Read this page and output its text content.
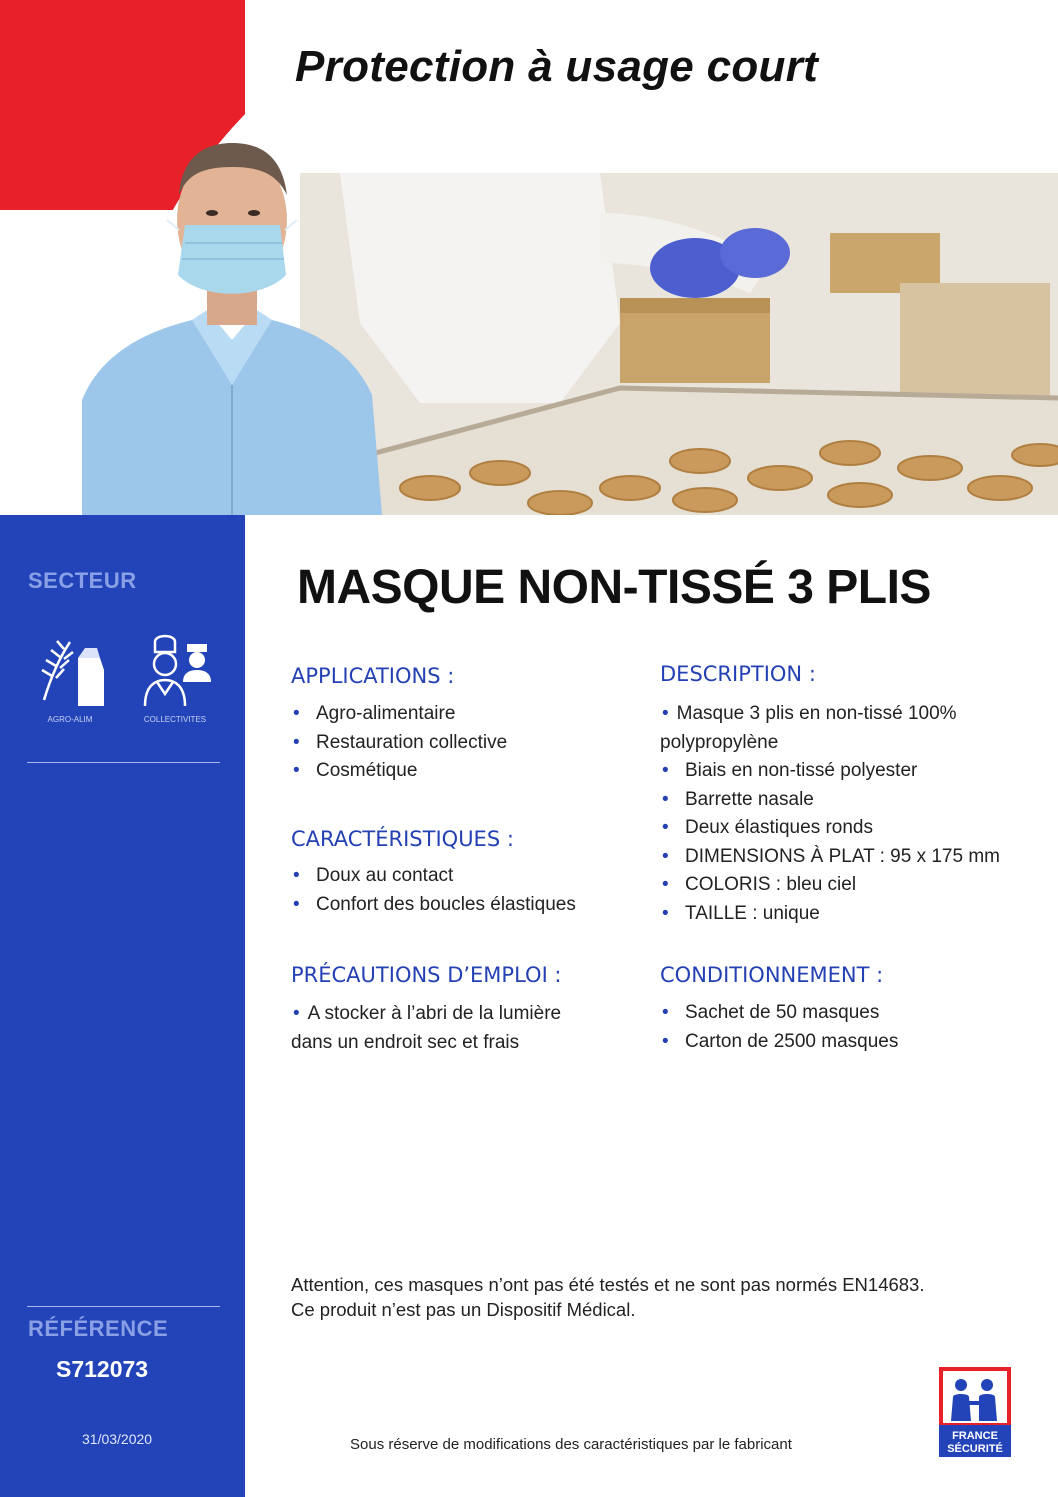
Protection à usage court
SECTEUR
AGRO-ALIM	COLLECTIVITES
RÉFÉRENCE
S712073
31/03/2020
MASQUE NON-TISSÉ 3 PLIS
APPLICATIONS :
• Agro-alimentaire
• Restauration collective
• Cosmétique
CARACTÉRISTIQUES :
• Doux au contact
• Confort des boucles élastiques
PRÉCAUTIONS D’EMPLOI :
• A stocker à l’abri de la lumière
dans un endroit sec et frais
DESCRIPTION :
• Masque 3 plis en non-tissé 100%
polypropylène
• Biais en non-tissé polyester
• Barrette nasale
• Deux élastiques ronds
• DIMENSIONS À PLAT : 95 x 175 mm
• COLORIS : bleu ciel
• TAILLE : unique
CONDITIONNEMENT :
• Sachet de 50 masques
• Carton de 2500 masques
Attention, ces masques n’ont pas été testés et ne sont pas normés EN14683.
Ce produit n’est pas un Dispositif Médical.
Sous réserve de modifications des caractéristiques par le fabricant	FRANCE
SÉCURITÉ
